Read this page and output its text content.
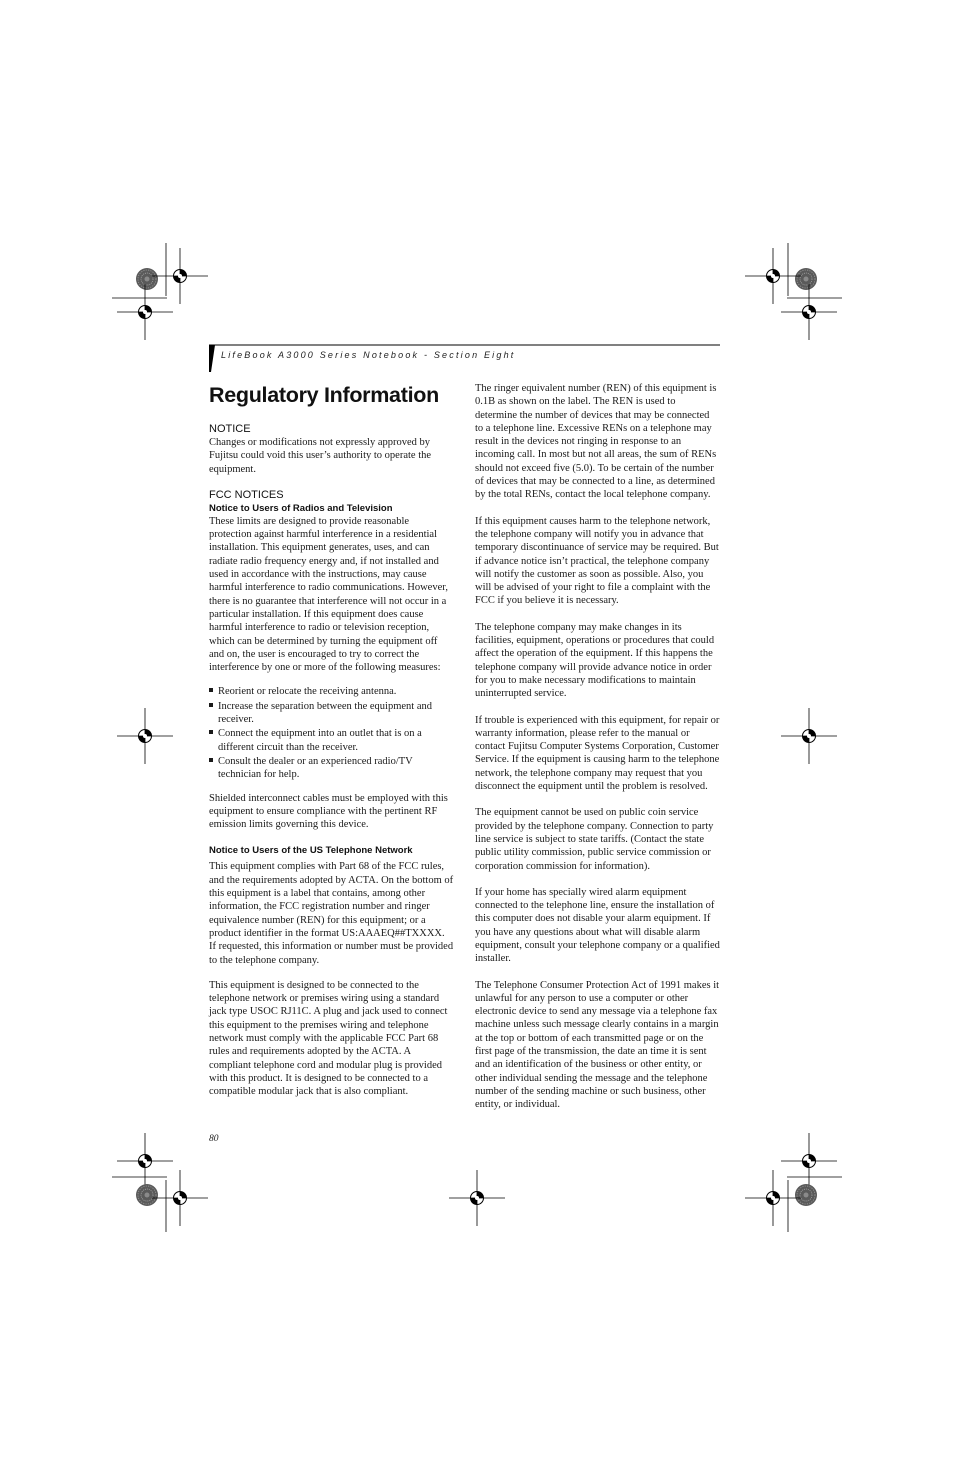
LifeBook A3000 Series Notebook - Section Eight
Regulatory Information
NOTICE

Changes or modifications not expressly approved by Fujitsu could void this user’s authority to operate the equipment.

FCC NOTICES
Notice to Users of Radios and Television

These limits are designed to provide reasonable protection against harmful interference in a residential installation. This equipment generates, uses, and can radiate radio frequency energy and, if not installed and used in accordance with the instructions, may cause harmful interference to radio communications. However, there is no guarantee that interference will not occur in a particular installation. If this equipment does cause harmful interference to radio or television reception, which can be determined by turning the equipment off and on, the user is encouraged to try to correct the interference by one or more of the following measures:

Reorient or relocate the receiving antenna.
Increase the separation between the equipment and receiver.
Connect the equipment into an outlet that is on a different circuit than the receiver.
Consult the dealer or an experienced radio/TV technician for help.

Shielded interconnect cables must be employed with this equipment to ensure compliance with the pertinent RF emission limits governing this device.

Notice to Users of the US Telephone Network

This equipment complies with Part 68 of the FCC rules, and the requirements adopted by ACTA. On the bottom of this equipment is a label that contains, among other information, the FCC registration number and ringer equivalence number (REN) for this equipment; or a product identifier in the format US:AAAEQ##TXXXX. If requested, this information or number must be provided to the telephone company.

This equipment is designed to be connected to the telephone network or premises wiring using a standard jack type USOC RJ11C. A plug and jack used to connect this equipment to the premises wiring and telephone network must comply with the applicable FCC Part 68 rules and requirements adopted by the ACTA. A compliant telephone cord and modular plug is provided with this product. It is designed to be connected to a compatible modular jack that is also compliant.

The ringer equivalent number (REN) of this equipment is 0.1B as shown on the label. The REN is used to determine the number of devices that may be connected to a telephone line. Excessive RENs on a telephone may result in the devices not ringing in response to an incoming call. In most but not all areas, the sum of RENs should not exceed five (5.0). To be certain of the number of devices that may be connected to a line, as determined by the total RENs, contact the local telephone company.

If this equipment causes harm to the telephone network, the telephone company will notify you in advance that temporary discontinuance of service may be required. But if advance notice isn’t practical, the telephone company will notify the customer as soon as possible. Also, you will be advised of your right to file a complaint with the FCC if you believe it is necessary.

The telephone company may make changes in its facilities, equipment, operations or procedures that could affect the operation of the equipment. If this happens the telephone company will provide advance notice in order for you to make necessary modifications to maintain uninterrupted service.

If trouble is experienced with this equipment, for repair or warranty information, please refer to the manual or contact Fujitsu Computer Systems Corporation, Customer Service. If the equipment is causing harm to the telephone network, the telephone company may request that you disconnect the equipment until the problem is resolved.

The equipment cannot be used on public coin service provided by the telephone company. Connection to party line service is subject to state tariffs. (Contact the state public utility commission, public service commission or corporation commission for information).

If your home has specially wired alarm equipment connected to the telephone line, ensure the installation of this computer does not disable your alarm equipment. If you have any questions about what will disable alarm equipment, consult your telephone company or a qualified installer.

The Telephone Consumer Protection Act of 1991 makes it unlawful for any person to use a computer or other electronic device to send any message via a telephone fax machine unless such message clearly contains in a margin at the top or bottom of each transmitted page or on the first page of the transmission, the date an time it is sent and an identification of the business or other entity, or other individual sending the message and the telephone number of the sending machine or such business, other entity, or individual.

80
